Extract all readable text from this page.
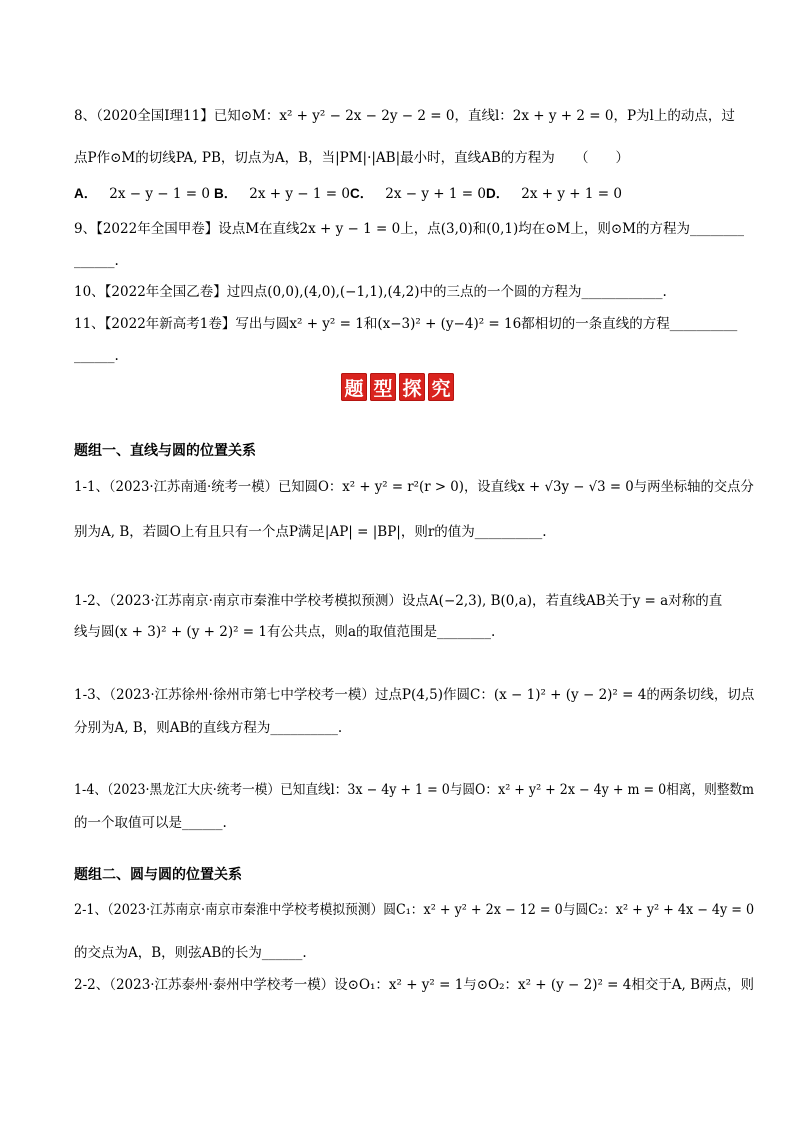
8、（2020全国Ⅰ理11】已知⊙M：x² + y² − 2x − 2y − 2 = 0，直线l：2x + y + 2 = 0，P为l上的动点，过
点P作⊙M的切线PA, PB，切点为A，B，当|PM|·|AB|最小时，直线AB的方程为　　（　　）
A． 2x − y − 1 = 0 B． 2x + y − 1 = 0 C． 2x − y + 1 = 0 D． 2x + y + 1 = 0
9、【2022年全国甲卷】设点M在直线2x + y − 1 = 0上，点(3,0)和(0,1)均在⊙M上，则⊙M的方程为________
______.
10、【2022年全国乙卷】过四点(0,0),(4,0),(−1,1),(4,2)中的三点的一个圆的方程为____________.
11、【2022年新高考1卷】写出与圆x² + y² = 1和(x−3)² + (y−4)² = 16都相切的一条直线的方程__________
______.
题 型 探 究
题组一、直线与圆的位置关系
1-1、（2023·江苏南通·统考一模）已知圆O：x² + y² = r²(r > 0)，设直线x + √3y − √3 = 0与两坐标轴的交点分
别为A, B，若圆O上有且只有一个点P满足|AP| = |BP|，则r的值为__________.
1-2、（2023·江苏南京·南京市秦淮中学校考模拟预测）设点A(−2,3), B(0,a)，若直线AB关于y = a对称的直
线与圆(x + 3)² + (y + 2)² = 1有公共点，则a的取值范围是________.
1-3、（2023·江苏徐州·徐州市第七中学校考一模）过点P(4,5)作圆C：(x − 1)² + (y − 2)² = 4的两条切线，切点
分别为A, B，则AB的直线方程为__________.
1-4、（2023·黑龙江大庆·统考一模）已知直线l：3x − 4y + 1 = 0与圆O：x² + y² + 2x − 4y + m = 0相离，则整数m
的一个取值可以是______.
题组二、圆与圆的位置关系
2-1、（2023·江苏南京·南京市秦淮中学校考模拟预测）圆C₁：x² + y² + 2x − 12 = 0与圆C₂：x² + y² + 4x − 4y = 0
的交点为A，B，则弦AB的长为______.
2-2、（2023·江苏泰州·泰州中学校考一模）设⊙O₁：x² + y² = 1与⊙O₂：x² + (y − 2)² = 4相交于A, B两点，则
